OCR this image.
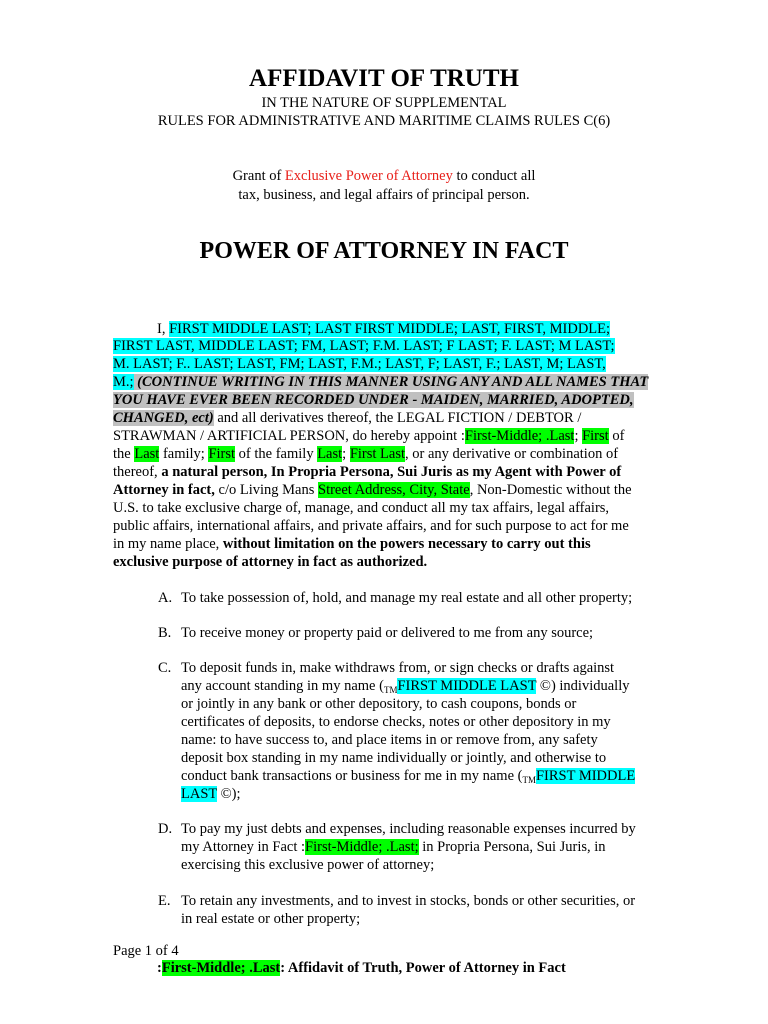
AFFIDAVIT OF TRUTH
IN THE NATURE OF SUPPLEMENTAL
RULES FOR ADMINISTRATIVE AND MARITIME CLAIMS RULES C(6)
Grant of Exclusive Power of Attorney to conduct all
tax, business, and legal affairs of principal person.
POWER OF ATTORNEY IN FACT
I, FIRST MIDDLE LAST; LAST FIRST MIDDLE; LAST, FIRST, MIDDLE;
FIRST LAST, MIDDLE LAST; FM, LAST; F.M. LAST; F LAST; F. LAST; M LAST;
M. LAST; F.. LAST; LAST, FM; LAST, F.M.; LAST, F; LAST, F.; LAST, M; LAST,
M.; (CONTINUE WRITING IN THIS MANNER USING ANY AND ALL NAMES THAT
YOU HAVE EVER BEEN RECORDED UNDER - MAIDEN, MARRIED, ADOPTED,
CHANGED, ect) and all derivatives thereof, the LEGAL FICTION / DEBTOR /
STRAWMAN / ARTIFICIAL PERSON, do hereby appoint :First-Middle; .Last; First of
the Last family; First of the family Last; First Last, or any derivative or combination of
thereof, a natural person, In Propria Persona, Sui Juris as my Agent with Power of
Attorney in fact, c/o Living Mans Street Address, City, State, Non-Domestic without the
U.S. to take exclusive charge of, manage, and conduct all my tax affairs, legal affairs,
public affairs, international affairs, and private affairs, and for such purpose to act for me
in my name place, without limitation on the powers necessary to carry out this
exclusive purpose of attorney in fact as authorized.
A. To take possession of, hold, and manage my real estate and all other property;
B. To receive money or property paid or delivered to me from any source;
C. To deposit funds in, make withdraws from, or sign checks or drafts against
any account standing in my name ($_{TM}FIRST$ MIDDLE LAST ©) individually
or jointly in any bank or other depository, to cash coupons, bonds or
certificates of deposits, to endorse checks, notes or other depository in my
name: to have success to, and place items in or remove from, any safety
deposit box standing in my name individually or jointly, and otherwise to
conduct bank transactions or business for me in my name ($_{TM}FIRST$ MIDDLE
LAST ©);
D. To pay my just debts and expenses, including reasonable expenses incurred by
my Attorney in Fact :First-Middle; .Last; in Propria Persona, Sui Juris, in
exercising this exclusive power of attorney;
E. To retain any investments, and to invest in stocks, bonds or other securities, or
in real estate or other property;
Page 1 of 4
:First-Middle; .Last: Affidavit of Truth, Power of Attorney in Fact
